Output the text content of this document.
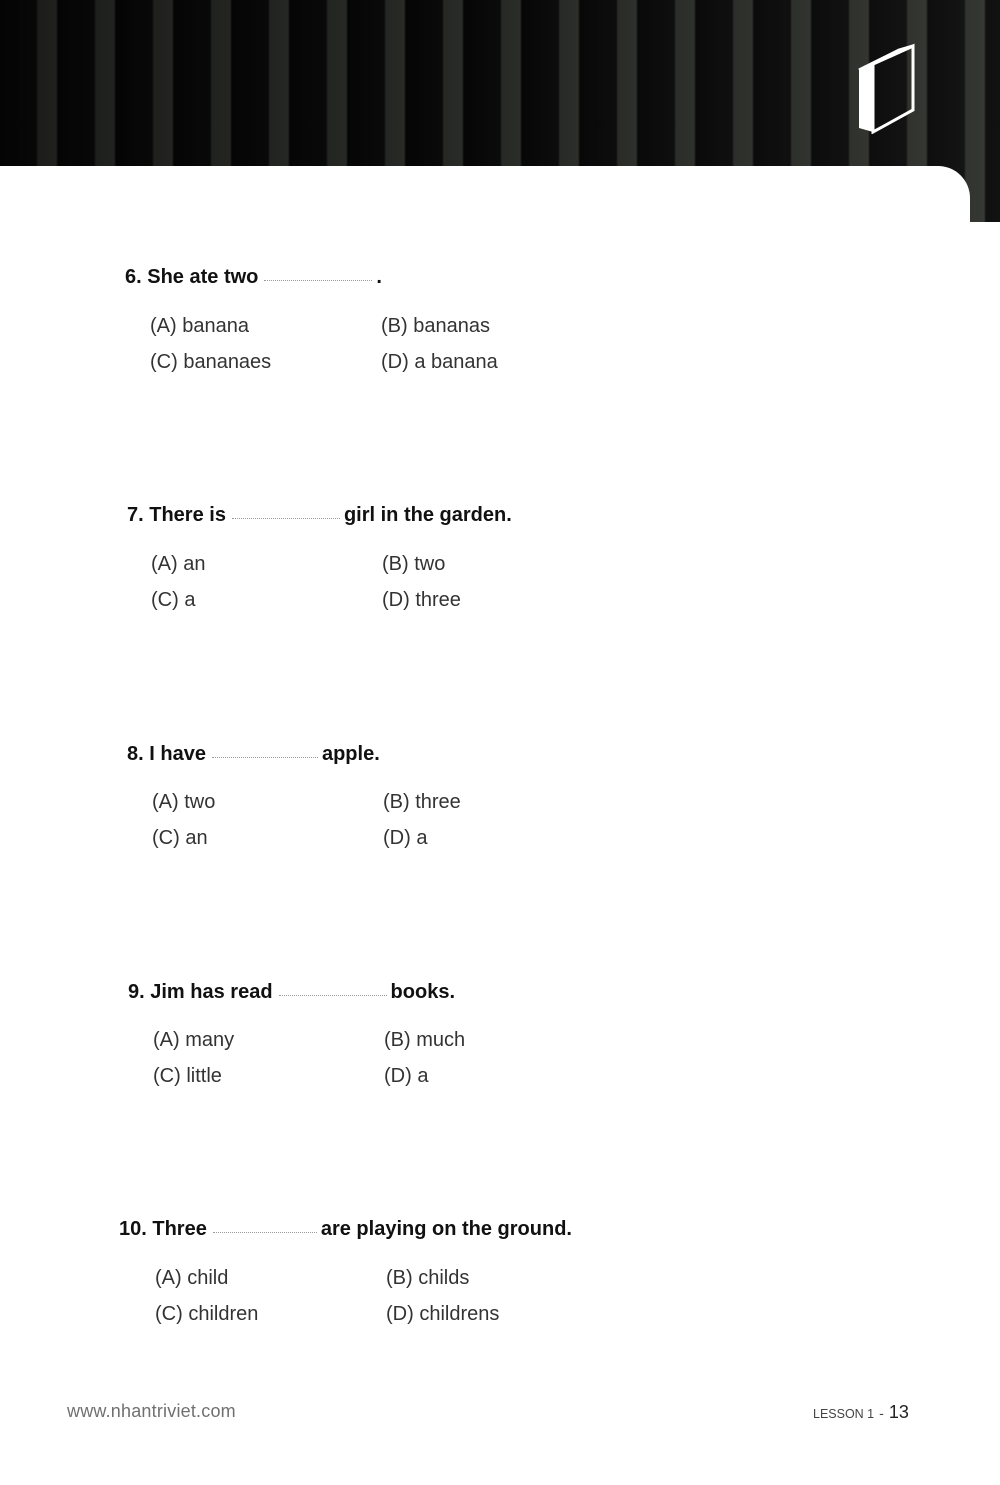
6. She ate two	.
(A) banana	(B) bananas
(C) bananaes	(D) a banana
7. There is	girl in the garden.
(A) an	(B) two
(C) a	(D) three
8. I have	apple.
(A) two	(B) three
(C) an	(D) a
9. Jim has read	books.
(A) many	(B) much
(C) little	(D) a
10. Three	are playing on the ground.
(A) child	(B) childs
(C) children	(D) childrens
www.nhantriviet.com	LESSON 1 - 13
